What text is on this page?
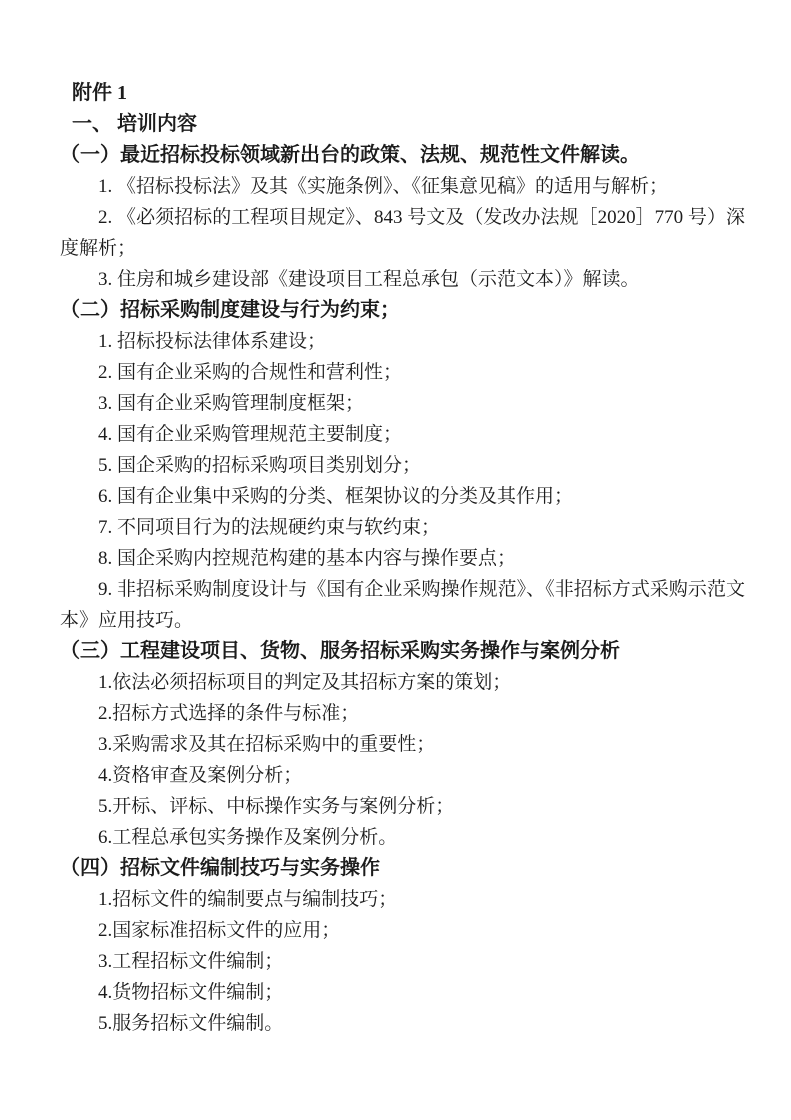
附件 1

一、 培训内容

（一）最近招标投标领域新出台的政策、法规、规范性文件解读。

1. 《招标投标法》及其《实施条例》、《征集意见稿》的适用与解析；

2. 《必须招标的工程项目规定》、843 号文及（发改办法规［2020］770 号）深度解析；

3. 住房和城乡建设部《建设项目工程总承包（示范文本）》解读。

（二）招标采购制度建设与行为约束；

1. 招标投标法律体系建设；

2. 国有企业采购的合规性和营利性；

3. 国有企业采购管理制度框架；

4. 国有企业采购管理规范主要制度；

5. 国企采购的招标采购项目类别划分；

6. 国有企业集中采购的分类、框架协议的分类及其作用；

7. 不同项目行为的法规硬约束与软约束；

8. 国企采购内控规范构建的基本内容与操作要点；

9. 非招标采购制度设计与《国有企业采购操作规范》、《非招标方式采购示范文本》应用技巧。

（三）工程建设项目、货物、服务招标采购实务操作与案例分析

1.依法必须招标项目的判定及其招标方案的策划；

2.招标方式选择的条件与标准；

3.采购需求及其在招标采购中的重要性；

4.资格审查及案例分析；

5.开标、评标、中标操作实务与案例分析；

6.工程总承包实务操作及案例分析。

（四）招标文件编制技巧与实务操作

1.招标文件的编制要点与编制技巧；

2.国家标准招标文件的应用；

3.工程招标文件编制；

4.货物招标文件编制；

5.服务招标文件编制。
